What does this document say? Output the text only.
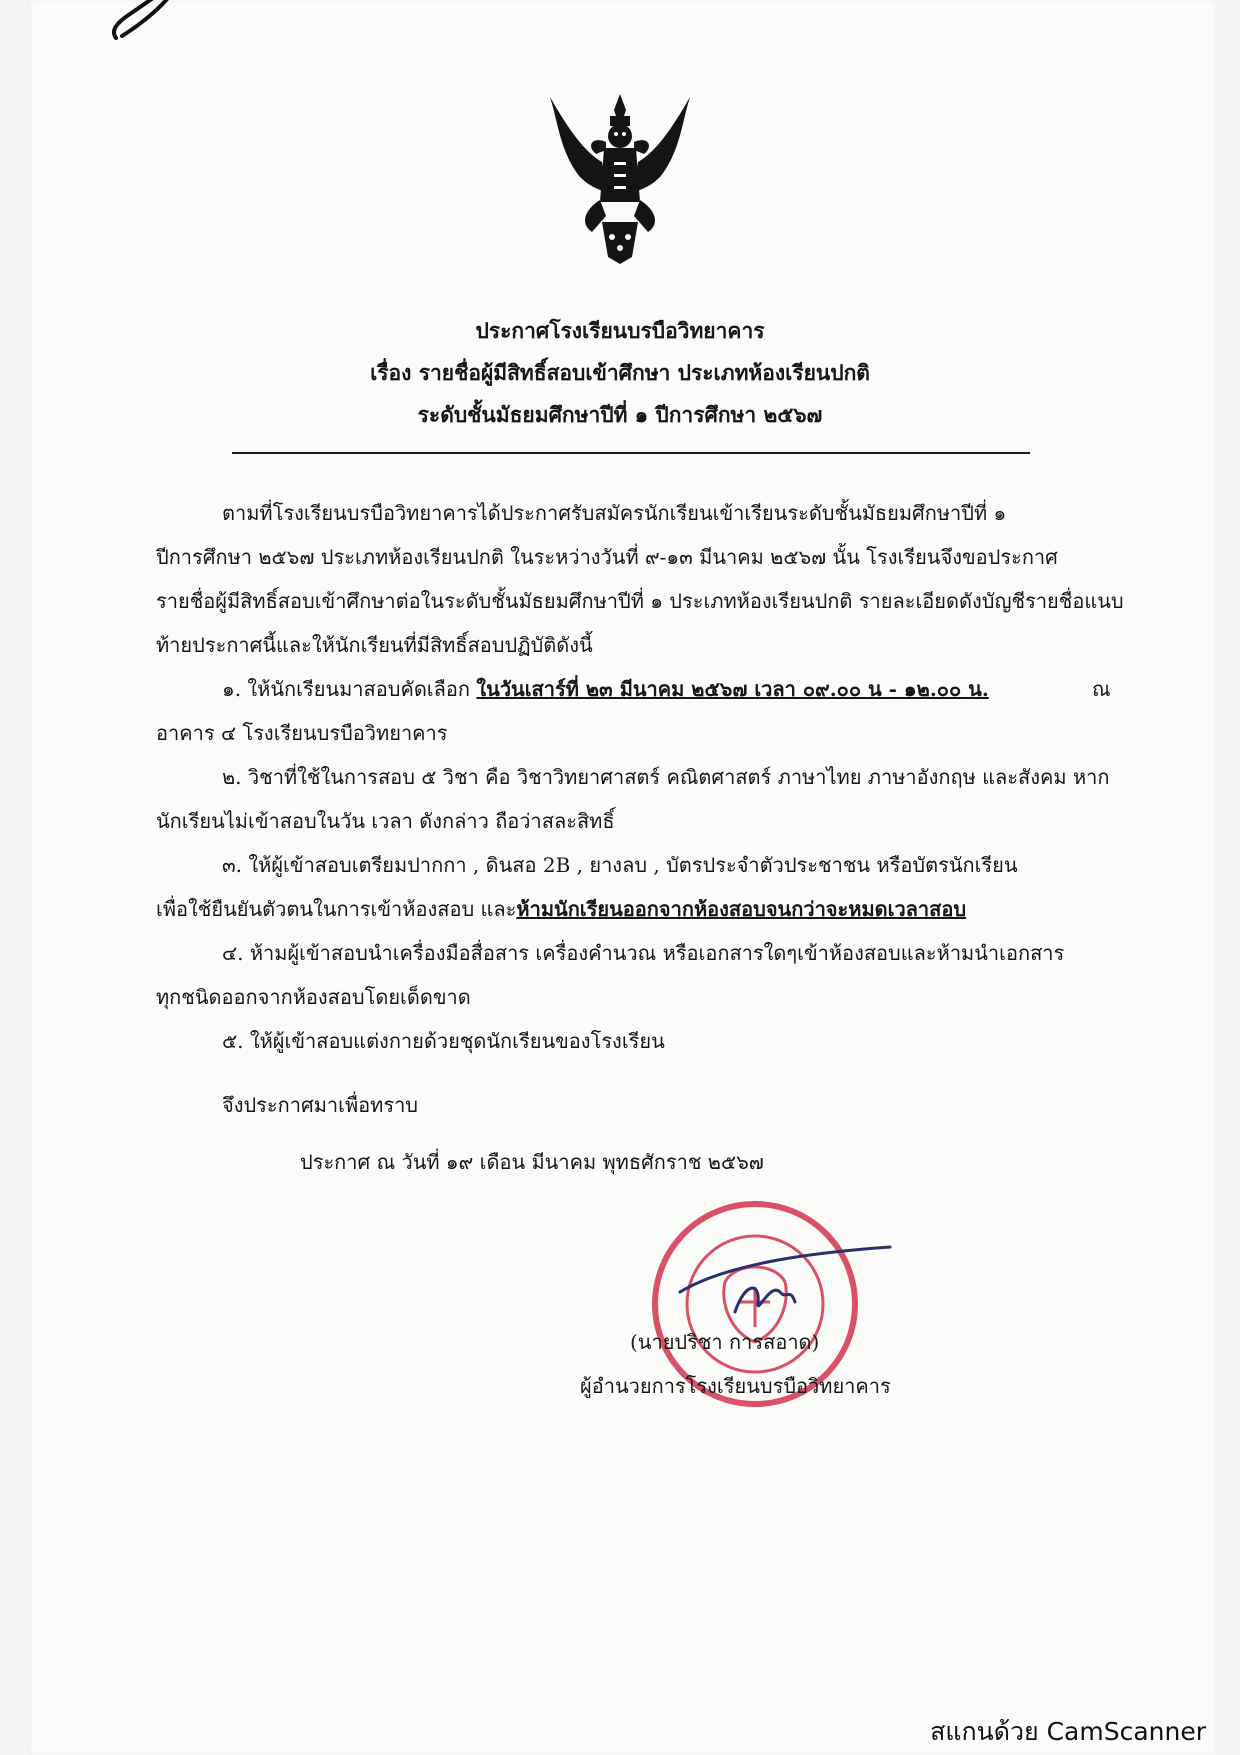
ประกาศโรงเรียนบรบือวิทยาคาร
เรื่อง รายชื่อผู้มีสิทธิ์สอบเข้าศึกษา ประเภทห้องเรียนปกติ
ระดับชั้นมัธยมศึกษาปีที่ ๑ ปีการศึกษา ๒๕๖๗
ตามที่โรงเรียนบรบือวิทยาคารได้ประกาศรับสมัครนักเรียนเข้าเรียนระดับชั้นมัธยมศึกษาปีที่ ๑
ปีการศึกษา ๒๕๖๗ ประเภทห้องเรียนปกติ ในระหว่างวันที่ ๙-๑๓ มีนาคม ๒๕๖๗ นั้น โรงเรียนจึงขอประกาศ
รายชื่อผู้มีสิทธิ์สอบเข้าศึกษาต่อในระดับชั้นมัธยมศึกษาปีที่ ๑ ประเภทห้องเรียนปกติ รายละเอียดดังบัญชีรายชื่อแนบ
ท้ายประกาศนี้และให้นักเรียนที่มีสิทธิ์สอบปฏิบัติดังนี้
๑. ให้นักเรียนมาสอบคัดเลือก ในวันเสาร์ที่ ๒๓ มีนาคม ๒๕๖๗ เวลา ๐๙.๐๐ น - ๑๒.๐๐ น.	ณ
อาคาร ๔ โรงเรียนบรบือวิทยาคาร
๒. วิชาที่ใช้ในการสอบ ๕ วิชา คือ วิชาวิทยาศาสตร์ คณิตศาสตร์ ภาษาไทย ภาษาอังกฤษ และสังคม หาก
นักเรียนไม่เข้าสอบในวัน เวลา ดังกล่าว ถือว่าสละสิทธิ์
๓. ให้ผู้เข้าสอบเตรียมปากกา , ดินสอ 2B , ยางลบ , บัตรประจำตัวประชาชน หรือบัตรนักเรียน
เพื่อใช้ยืนยันตัวตนในการเข้าห้องสอบ และห้ามนักเรียนออกจากห้องสอบจนกว่าจะหมดเวลาสอบ
๔. ห้ามผู้เข้าสอบนำเครื่องมือสื่อสาร เครื่องคำนวณ หรือเอกสารใดๆเข้าห้องสอบและห้ามนำเอกสาร
ทุกชนิดออกจากห้องสอบโดยเด็ดขาด
๕. ให้ผู้เข้าสอบแต่งกายด้วยชุดนักเรียนของโรงเรียน
จึงประกาศมาเพื่อทราบ
ประกาศ ณ วันที่ ๑๙ เดือน มีนาคม พุทธศักราช ๒๕๖๗
(นายปริชา การสอาด)
ผู้อำนวยการโรงเรียนบรบือวิทยาคาร
สแกนด้วย CamScanner
